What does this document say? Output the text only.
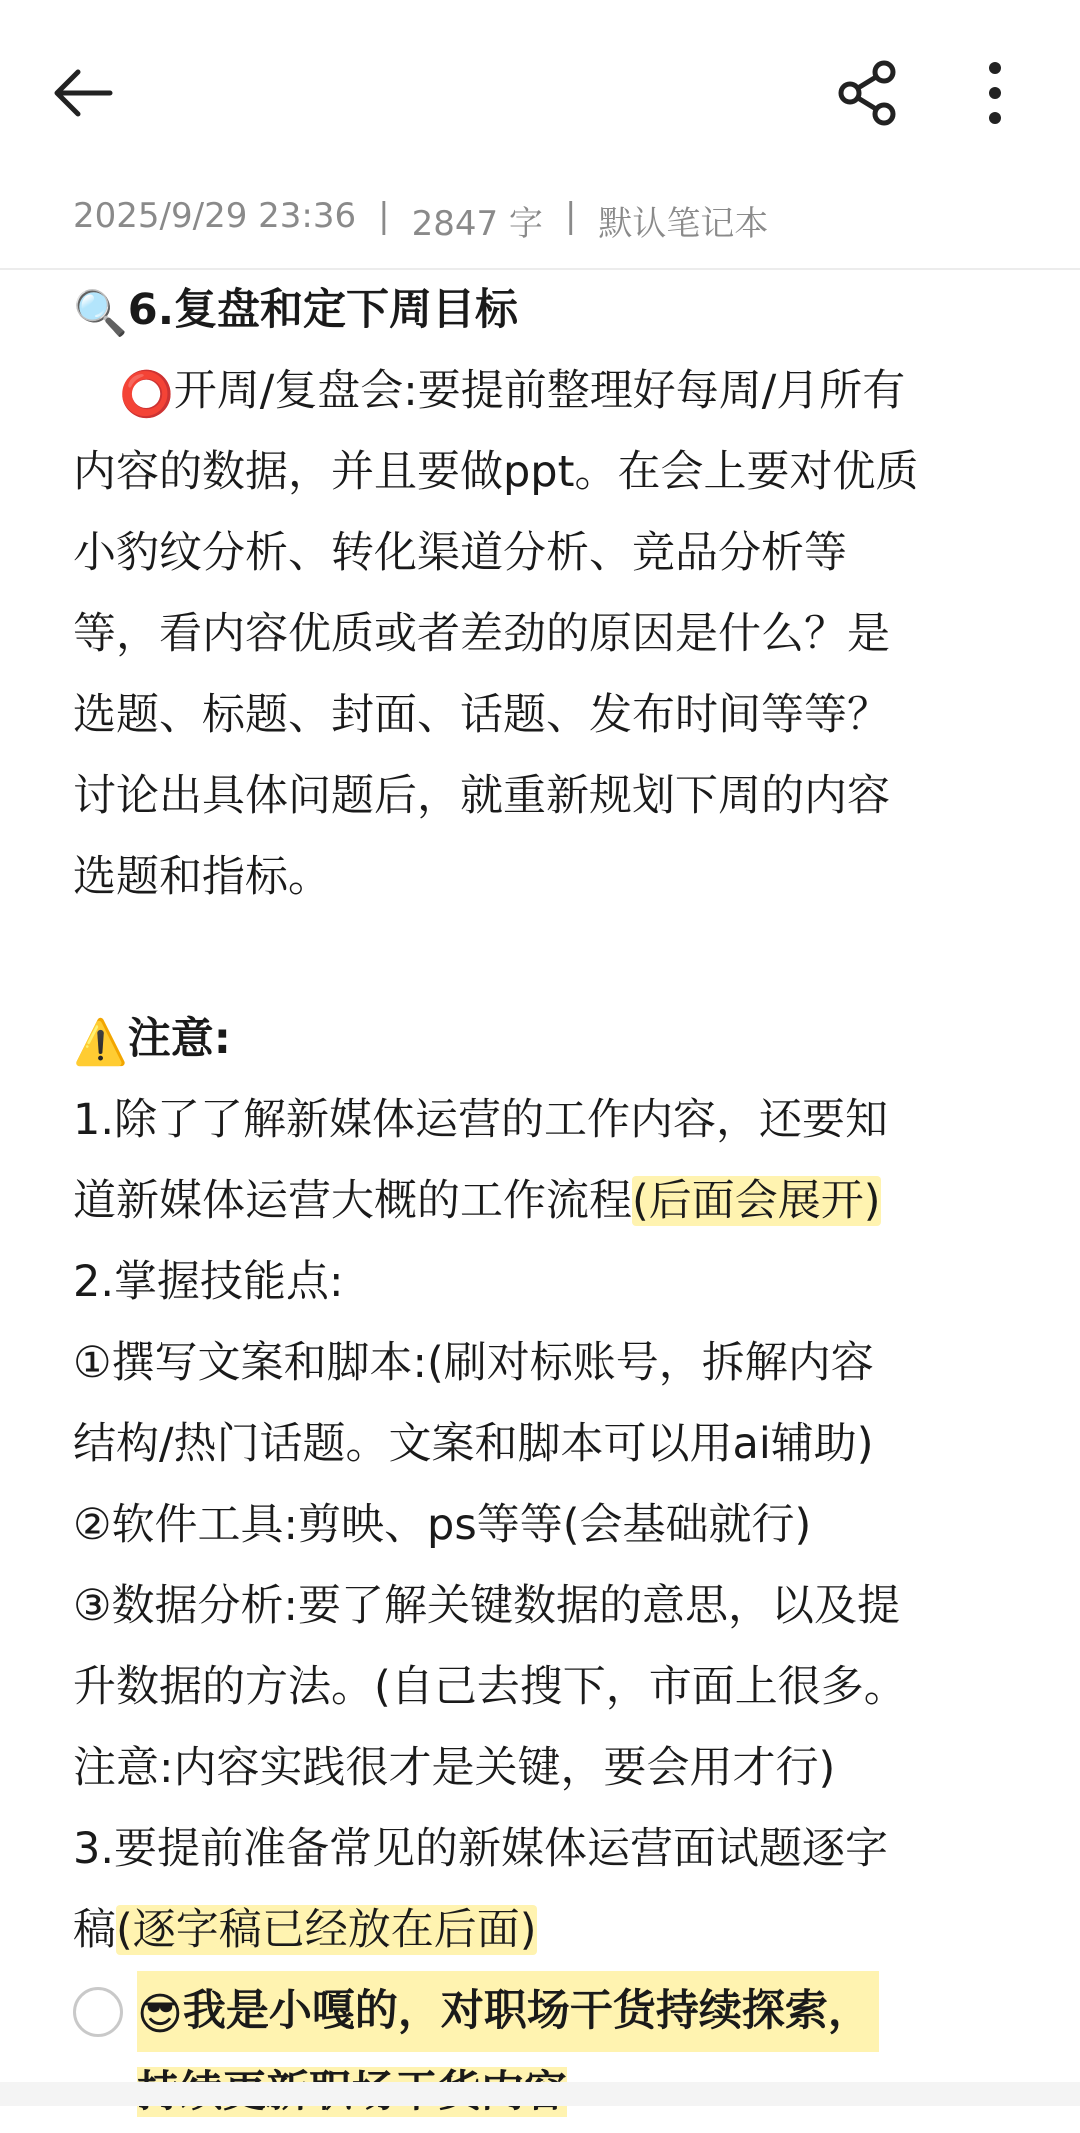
2025/9/29 23:36 | 2847 字 | 默认笔记本
🔍6.复盘和定下周目标
⭕开周/复盘会:要提前整理好每周/月所有
内容的数据，并且要做ppt。在会上要对优质
小豹纹分析、转化渠道分析、竞品分析等
等，看内容优质或者差劲的原因是什么？是
选题、标题、封面、话题、发布时间等等？
讨论出具体问题后，就重新规划下周的内容
选题和指标。
⚠️注意:
1.除了了解新媒体运营的工作内容，还要知
道新媒体运营大概的工作流程(后面会展开)
2.掌握技能点:
①撰写文案和脚本:(刷对标账号，拆解内容
结构/热门话题。文案和脚本可以用ai辅助)
②软件工具:剪映、ps等等(会基础就行)
③数据分析:要了解关键数据的意思，以及提
升数据的方法。(自己去搜下，市面上很多。
注意:内容实践很才是关键，要会用才行)
3.要提前准备常见的新媒体运营面试题逐字
稿(逐字稿已经放在后面)
😎我是小嘎的，对职场干货持续探索，
